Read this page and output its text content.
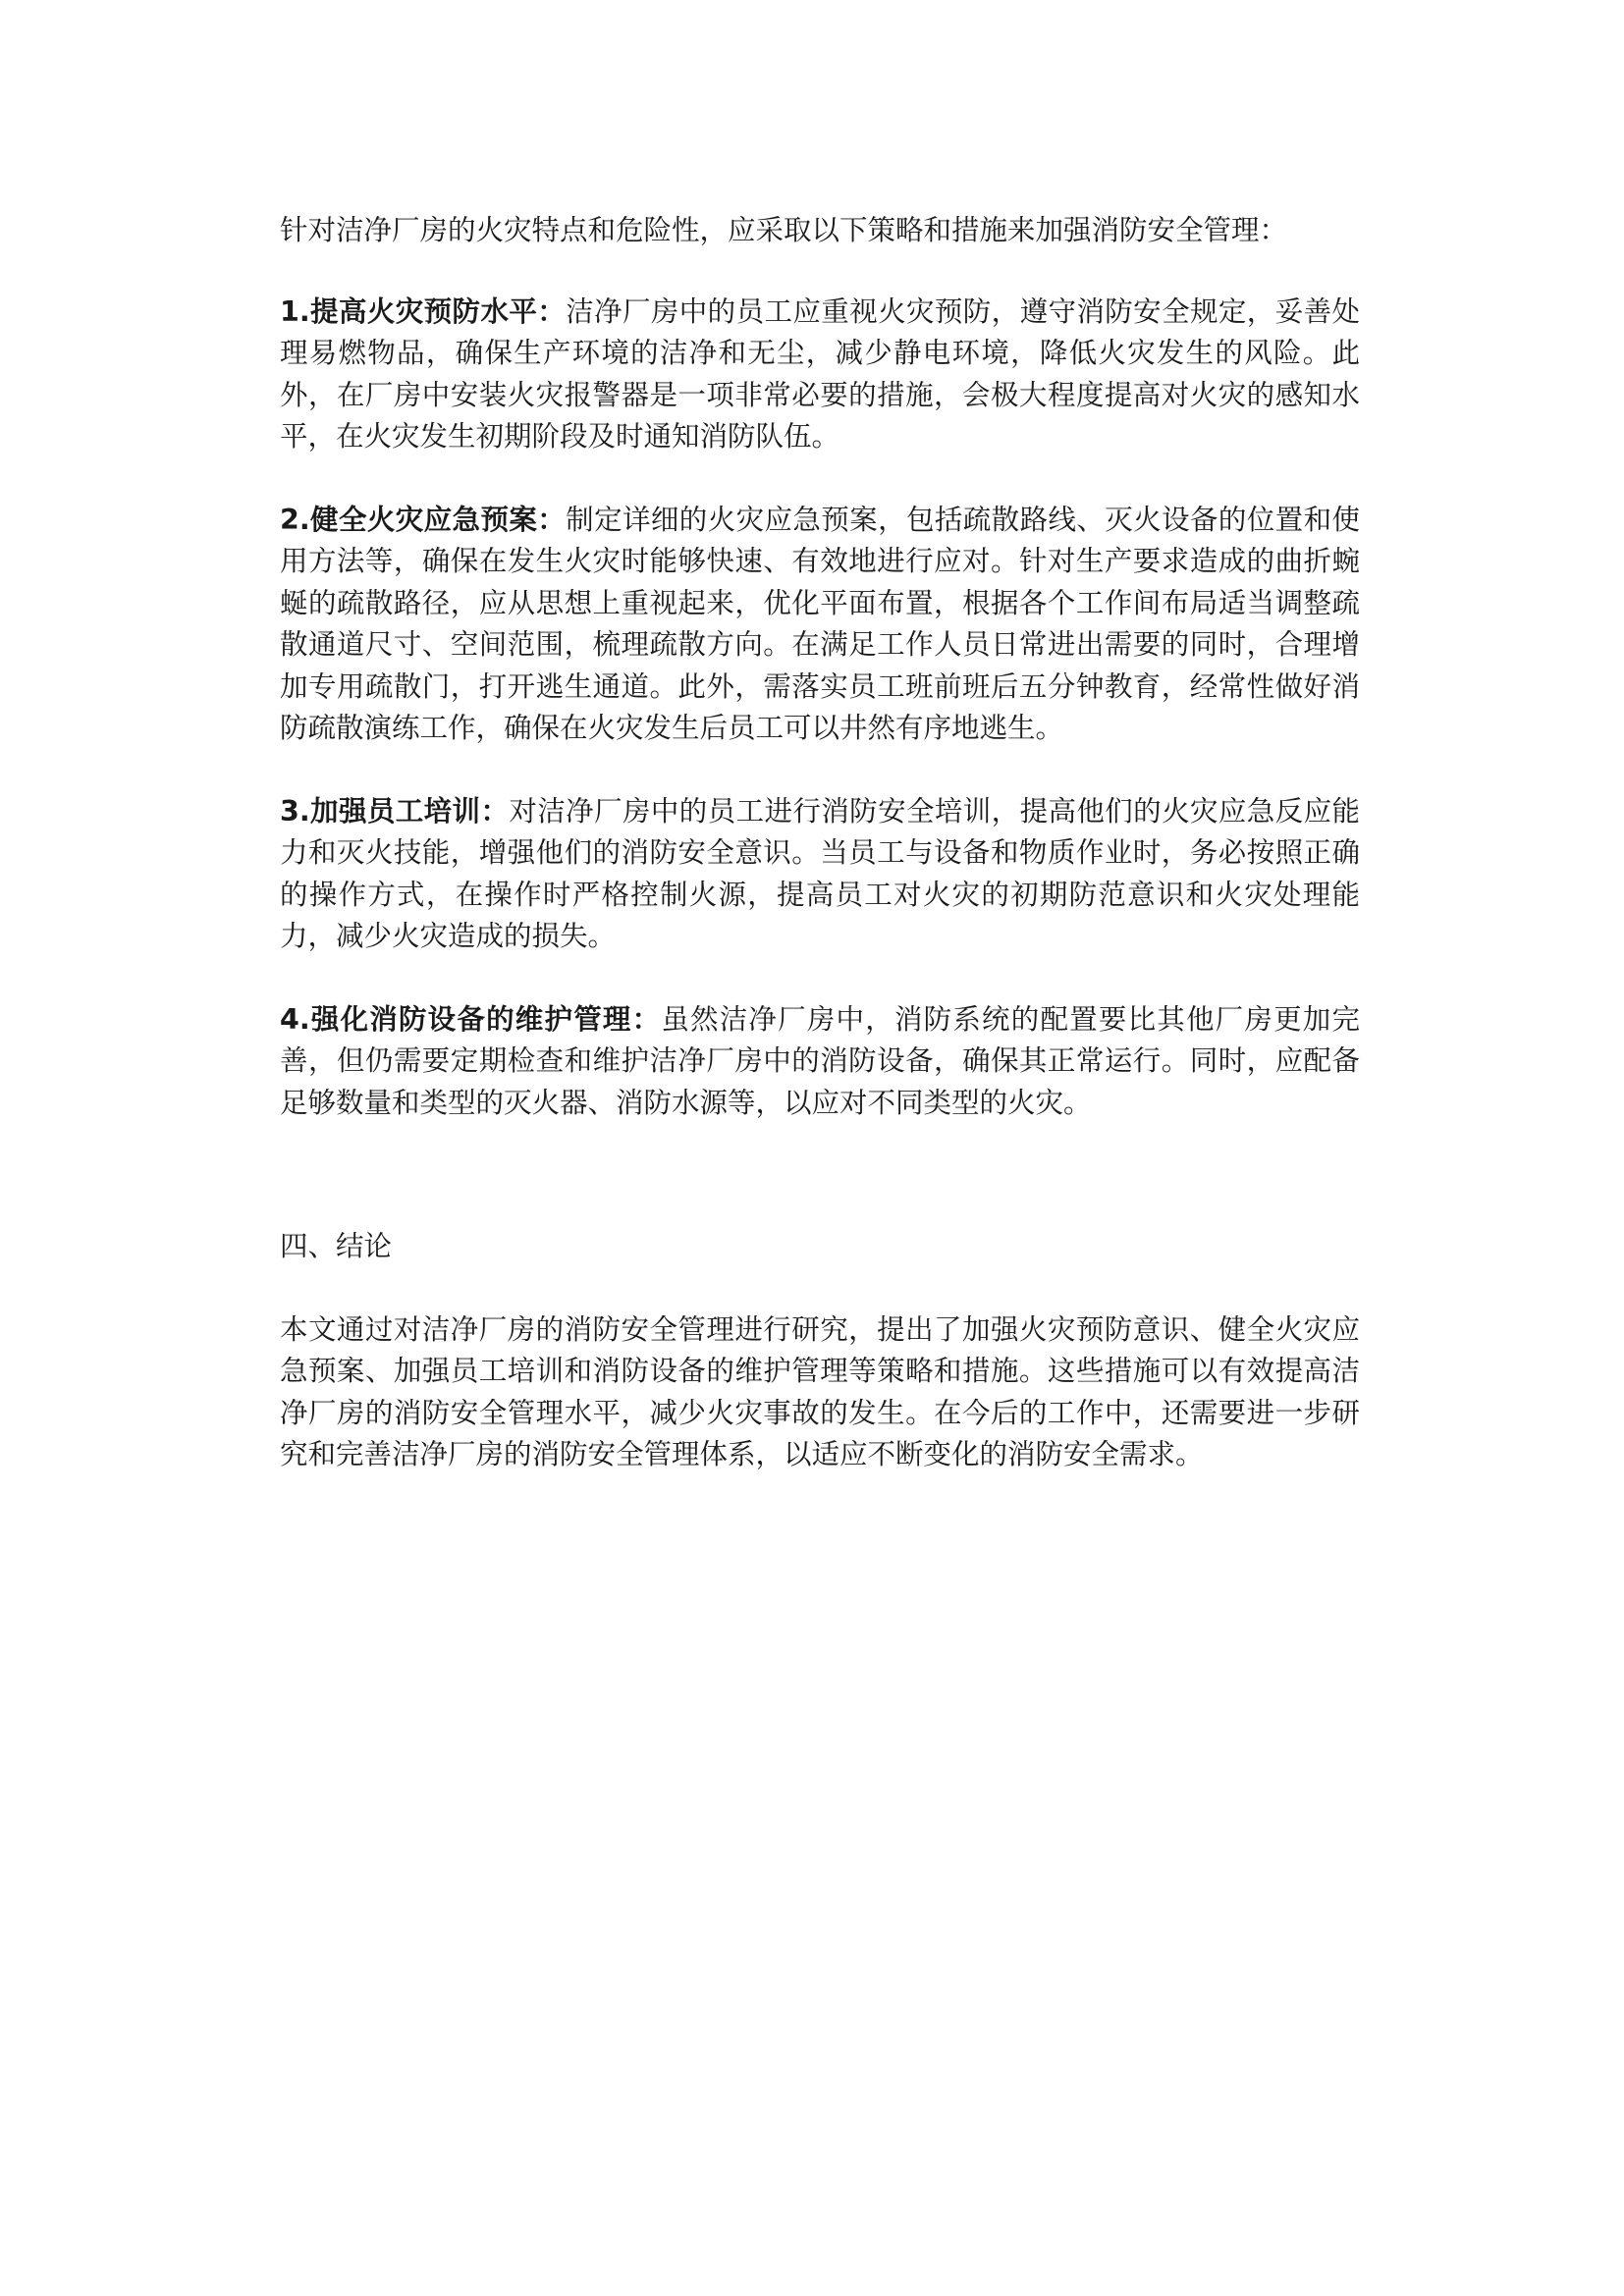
针对洁净厂房的火灾特点和危险性，应采取以下策略和措施来加强消防安全管理：

1.提高火灾预防水平：洁净厂房中的员工应重视火灾预防，遵守消防安全规定，妥善处理易燃物品，确保生产环境的洁净和无尘，减少静电环境，降低火灾发生的风险。此外，在厂房中安装火灾报警器是一项非常必要的措施，会极大程度提高对火灾的感知水平，在火灾发生初期阶段及时通知消防队伍。

2.健全火灾应急预案：制定详细的火灾应急预案，包括疏散路线、灭火设备的位置和使用方法等，确保在发生火灾时能够快速、有效地进行应对。针对生产要求造成的曲折蜿蜒的疏散路径，应从思想上重视起来，优化平面布置，根据各个工作间布局适当调整疏散通道尺寸、空间范围，梳理疏散方向。在满足工作人员日常进出需要的同时，合理增加专用疏散门，打开逃生通道。此外，需落实员工班前班后五分钟教育，经常性做好消防疏散演练工作，确保在火灾发生后员工可以井然有序地逃生。

3.加强员工培训：对洁净厂房中的员工进行消防安全培训，提高他们的火灾应急反应能力和灭火技能，增强他们的消防安全意识。当员工与设备和物质作业时，务必按照正确的操作方式，在操作时严格控制火源，提高员工对火灾的初期防范意识和火灾处理能力，减少火灾造成的损失。

4.强化消防设备的维护管理：虽然洁净厂房中，消防系统的配置要比其他厂房更加完善，但仍需要定期检查和维护洁净厂房中的消防设备，确保其正常运行。同时，应配备足够数量和类型的灭火器、消防水源等，以应对不同类型的火灾。

四、结论

本文通过对洁净厂房的消防安全管理进行研究，提出了加强火灾预防意识、健全火灾应急预案、加强员工培训和消防设备的维护管理等策略和措施。这些措施可以有效提高洁净厂房的消防安全管理水平，减少火灾事故的发生。在今后的工作中，还需要进一步研究和完善洁净厂房的消防安全管理体系，以适应不断变化的消防安全需求。
